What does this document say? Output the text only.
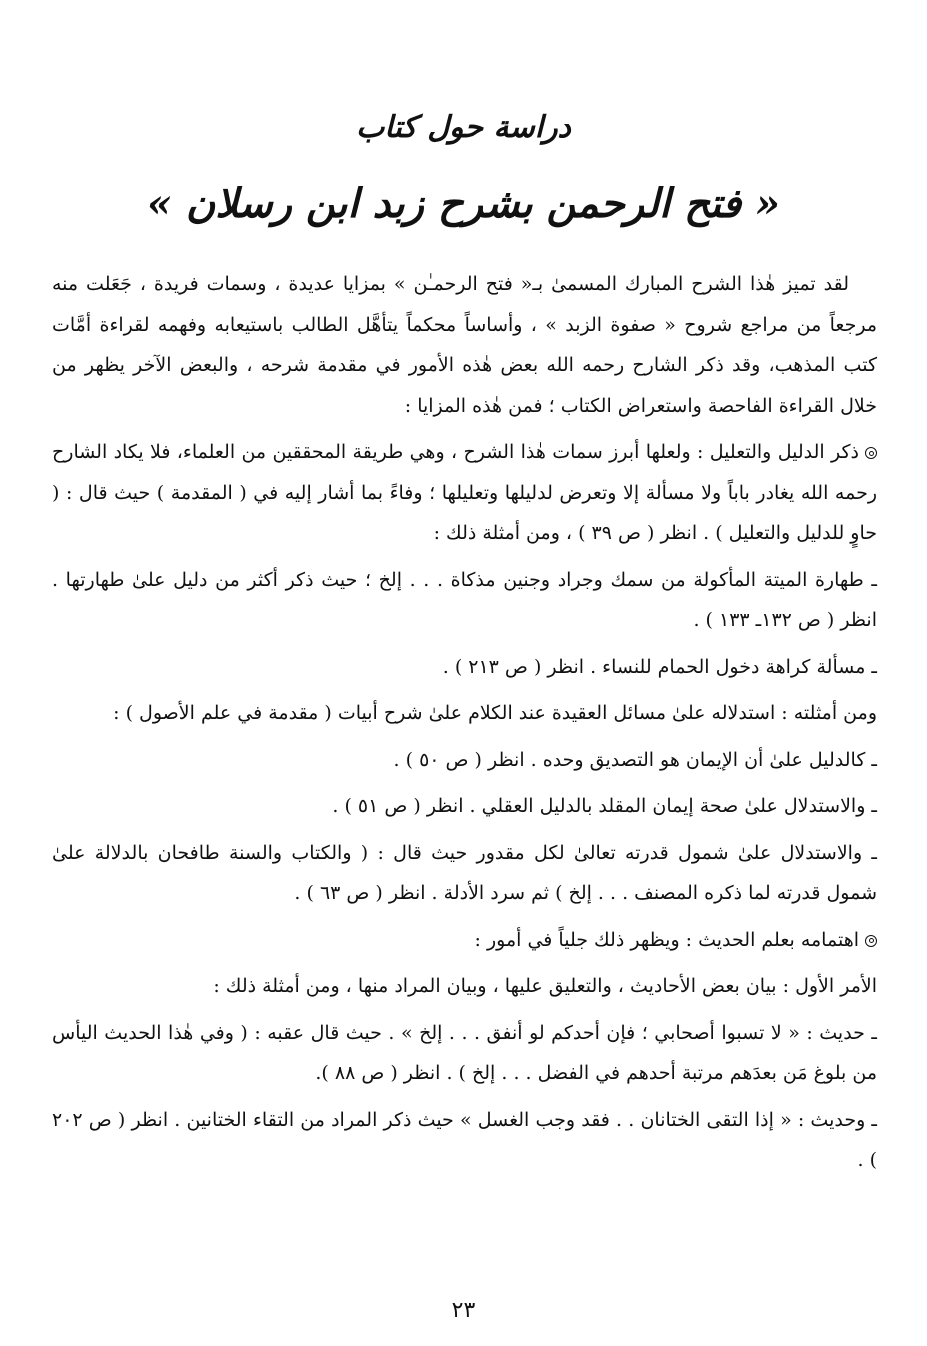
دراسة حول كتاب
« فتح الرحمن بشرح زبد ابن رسلان »

لقد تميز هٰذا الشرح المبارك المسمىٰ بـ« فتح الرحمـٰن » بمزايا عديدة ، وسمات فريدة ، جَعَلت منه مرجعاً من مراجع شروح « صفوة الزبد » ، وأساساً محكماً يتأهَّل الطالب باستيعابه وفهمه لقراءة أمَّات كتب المذهب، وقد ذكر الشارح رحمه الله بعض هٰذه الأمور في مقدمة شرحه ، والبعض الآخر يظهر من خلال القراءة الفاحصة واستعراض الكتاب ؛ فمن هٰذه المزايا :

ذكر الدليل والتعليل : ولعلها أبرز سمات هٰذا الشرح ، وهي طريقة المحققين من العلماء، فلا يكاد الشارح رحمه الله يغادر باباً ولا مسألة إلا وتعرض لدليلها وتعليلها ؛ وفاءً بما أشار إليه في ( المقدمة ) حيث قال : ( حاوٍ للدليل والتعليل ) . انظر ( ص ٣٩ ) ، ومن أمثلة ذلك :

ـ طهارة الميتة المأكولة من سمك وجراد وجنين مذكاة . . . إلخ ؛ حيث ذكر أكثر من دليل علىٰ طهارتها . انظر ( ص ١٣٢ـ ١٣٣ ) .

ـ مسألة كراهة دخول الحمام للنساء . انظر ( ص ٢١٣ ) .

ومن أمثلته : استدلاله علىٰ مسائل العقيدة عند الكلام علىٰ شرح أبيات ( مقدمة في علم الأصول ) :

ـ كالدليل علىٰ أن الإيمان هو التصديق وحده . انظر ( ص ٥٠ ) .

ـ والاستدلال علىٰ صحة إيمان المقلد بالدليل العقلي . انظر ( ص ٥١ ) .

ـ والاستدلال علىٰ شمول قدرته تعالىٰ لكل مقدور حيث قال : ( والكتاب والسنة طافحان بالدلالة علىٰ شمول قدرته لما ذكره المصنف . . . إلخ ) ثم سرد الأدلة . انظر ( ص ٦٣ ) .

اهتمامه بعلم الحديث : ويظهر ذلك جلياً في أمور :

الأمر الأول : بيان بعض الأحاديث ، والتعليق عليها ، وبيان المراد منها ، ومن أمثلة ذلك :

ـ حديث : « لا تسبوا أصحابي ؛ فإن أحدكم لو أنفق . . . إلخ » . حيث قال عقبه : ( وفي هٰذا الحديث اليأس من بلوغ مَن بعدَهم مرتبة أحدهم في الفضل . . . إلخ ) . انظر ( ص ٨٨ ).

ـ وحديث : « إذا التقى الختانان . . فقد وجب الغسل » حيث ذكر المراد من التقاء الختانين . انظر ( ص ٢٠٢ ) .

٢٣
